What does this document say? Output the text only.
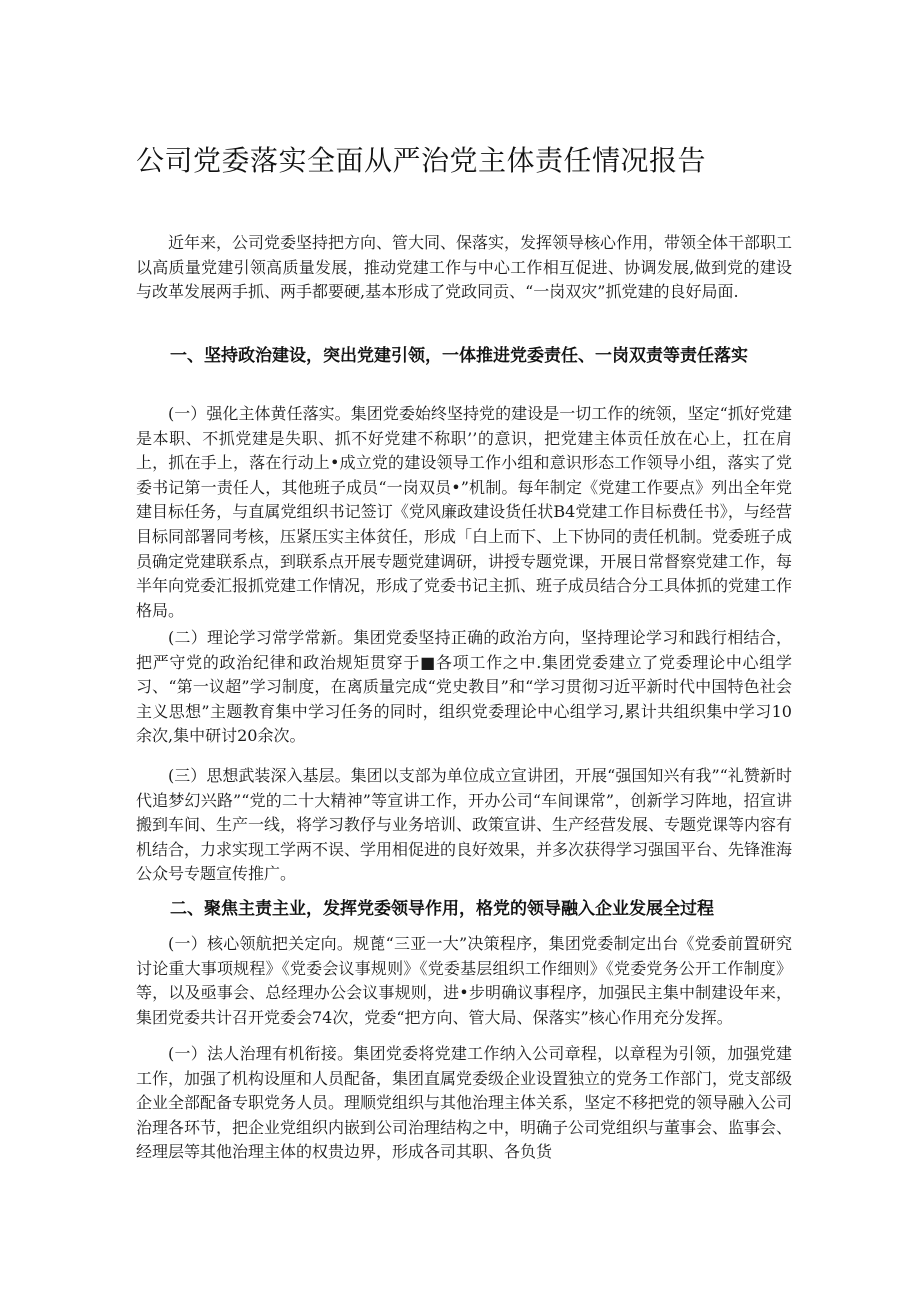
公司党委落实全面从严治党主体责任情况报告

近年来，公司党委坚持把方向、管大同、保落实，发挥领导核心作用，带领全体干部职工以高质量党建引领高质量发展，推动党建工作与中心工作相互促进、协调发展,做到党的建设与改革发展两手抓、两手都要硬,基本形成了党政同贡、“一岗双灾”抓党建的良好局面.

一、坚持政治建设，突出党建引领，一体推进党委责任、一岗双责等责任落实

(一）强化主体黄任落实。集团党委始终坚持党的建设是一切工作的统领，坚定“抓好党建是本职、不抓党建是失职、抓不好党建不称职’’的意识，把党建主体贡任放在心上，扛在肩上，抓在手上，落在行动上•成立党的建设领导工作小组和意识形态工作领导小组，落实了党委书记第一责任人，其他班子成员“一岗双员•”机制。每年制定《党建工作要点》列出全年党建目标任务，与直属党组织书记签订《党风廉政建设货任状B4党建工作目标费任书》，与经营目标同部署同考核，压紧压实主体贫任，形成「白上而下、上下协同的责任机制。党委班子成员确定党建联系点，到联系点开展专题党建调研，讲授专题党课，开展日常督察党建工作，每半年向党委汇报抓党建工作情况，形成了党委书记主抓、班子成员结合分工具体抓的党建工作格局。

(二）理论学习常学常新。集团党委坚持正确的政治方向，坚持理论学习和践行相结合，把严守党的政治纪律和政治规矩贯穿于■各项工作之中.集团党委建立了党委理论中心组学习、“第一议超”学习制度，在离质量完成“党史教目”和“学习贯彻习近平新时代中国特色社会主义思想”主题教育集中学习任务的同时，组织党委理论中心组学习,累计共组织集中学习10余次,集中研讨20余次。

(三）思想武装深入基层。集团以支部为单位成立宣讲团，开展“强国知兴有我”“礼赞新时代追梦幻兴路”“党的二十大精神”等宣讲工作，开办公司“车间课常”，创新学习阵地，招宣讲搬到车间、生产一线，将学习教伃与业务培训、政策宣讲、生产经营发展、专题党课等内容有机结合，力求实现工学两不误、学用相促进的良好效果，并多次获得学习强国平台、先锋淮海公众号专题宣传推广。

二、聚焦主责主业，发挥党委领导作用，格党的领导融入企业发展全过程

(一）核心领航把关定向。规蓖“三亚一大”决策程序，集团党委制定出台《党委前置研究讨论重大事项规程》《党委会议事规则》《党委基层组织工作细则》《党委党务公开工作制度》等，以及亟事会、总经理办公会议事规则，进•步明确议事程序，加强民主集中制建设年来，集团党委共计召开党委会74次，党委“把方向、管大局、保落实”核心作用充分发挥。

(一）法人治理有机衔接。集团党委将党建工作纳入公司章程，以章程为引领，加强党建工作，加强了机构设厘和人员配备，集团直属党委级企业设置独立的党务工作部门，党支部级企业全部配备专职党务人员。理顺党组织与其他治理主体关系，坚定不移把党的领导融入公司治理各环节，把企业党组织内嵌到公司治理结构之中，明确子公司党组织与董事会、监事会、经理层等其他治理主体的权贵边界，形成各司其职、各负货
